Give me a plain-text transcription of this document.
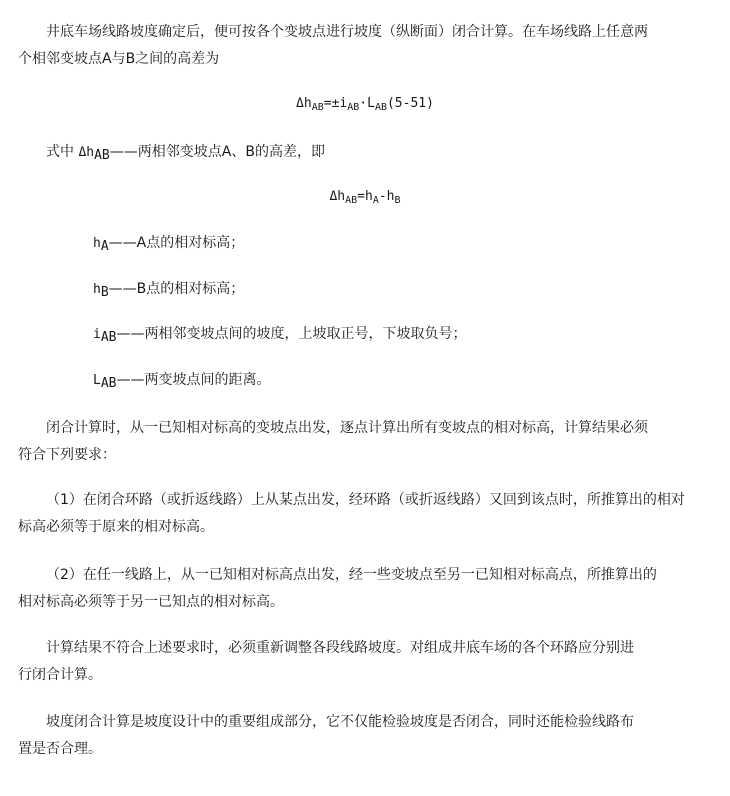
井底车场线路坡度确定后，便可按各个变坡点进行坡度（纵断面）闭合计算。在车场线路上任意两
个相邻变坡点A与B之间的高差为
$\Delta h_{AB}=\pm i_{AB}\cdot L_{AB}(5-51)$
式中 $\Delta h_{AB}——$两相邻变坡点A、B的高差，即
$\Delta h_{AB}=h_A-h_B$
$h_A——A$点的相对标高；
$h_B——B$点的相对标高；
$i_{AB}——$两相邻变坡点间的坡度，上坡取正号，下坡取负号；
$L_{AB}——$两变坡点间的距离。
闭合计算时，从一已知相对标高的变坡点出发，逐点计算出所有变坡点的相对标高，计算结果必须
符合下列要求：
（1）在闭合环路（或折返线路）上从某点出发，经环路（或折返线路）又回到该点时，所推算出的相对
标高必须等于原来的相对标高。
（2）在任一线路上，从一已知相对标高点出发，经一些变坡点至另一已知相对标高点，所推算出的
相对标高必须等于另一已知点的相对标高。
计算结果不符合上述要求时，必须重新调整各段线路坡度。对组成井底车场的各个环路应分别进
行闭合计算。
坡度闭合计算是坡度设计中的重要组成部分，它不仅能检验坡度是否闭合，同时还能检验线路布
置是否合理。
